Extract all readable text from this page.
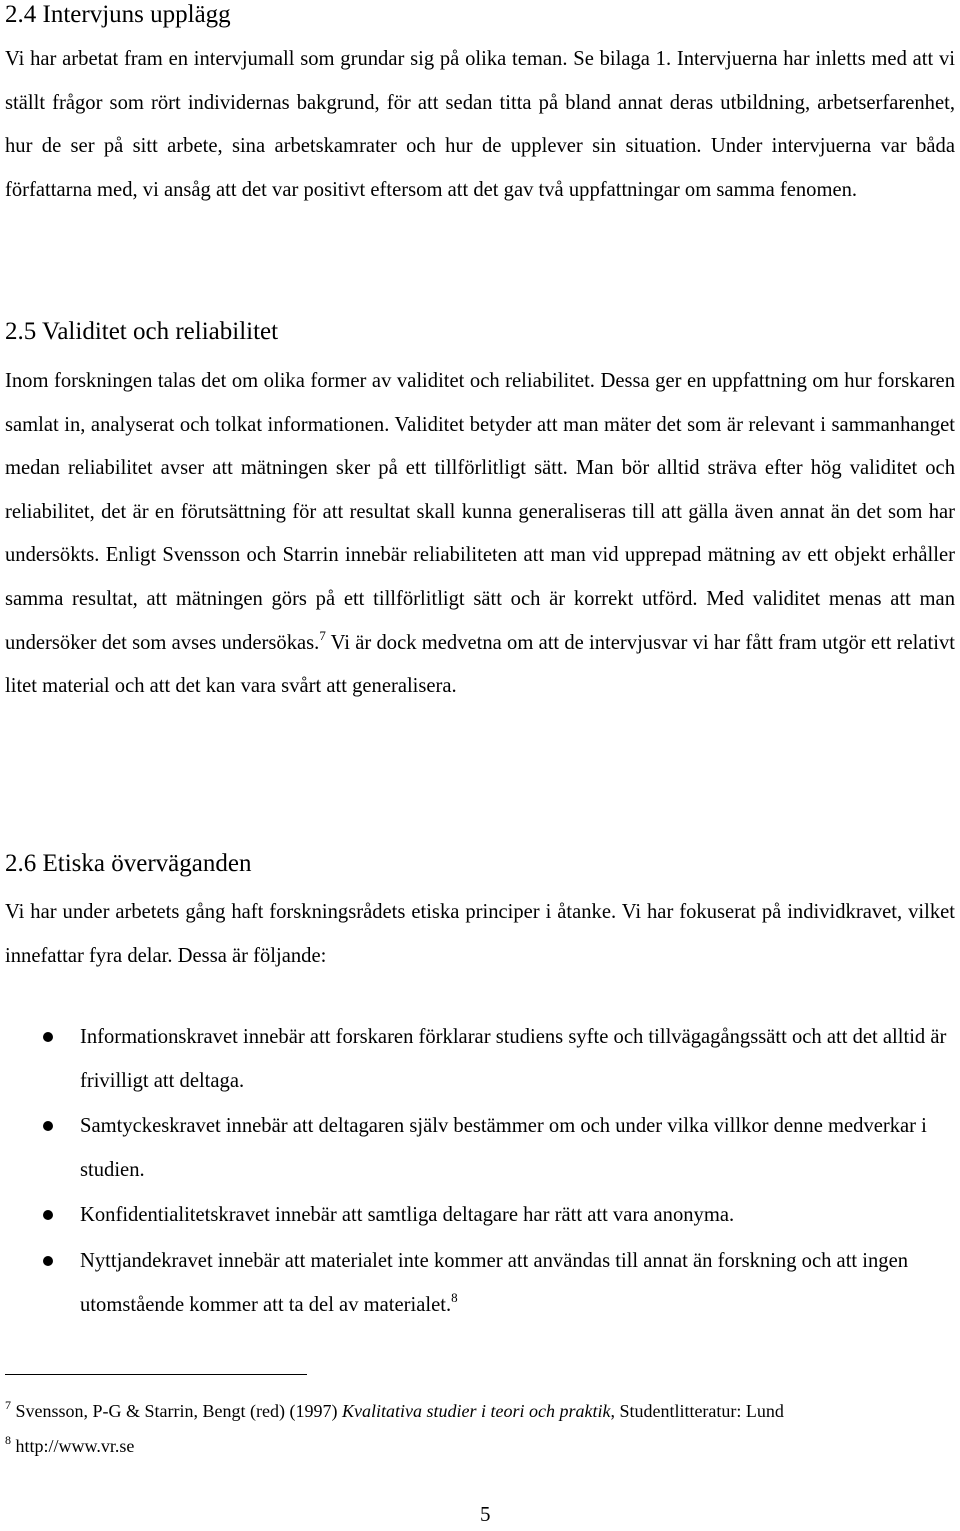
2.4 Intervjuns upplägg

Vi har arbetat fram en intervjumall som grundar sig på olika teman. Se bilaga 1. Intervjuerna har inletts med att vi ställt frågor som rört individernas bakgrund, för att sedan titta på bland annat deras utbildning, arbetserfarenhet, hur de ser på sitt arbete, sina arbetskamrater och hur de upplever sin situation. Under intervjuerna var båda författarna med, vi ansåg att det var positivt eftersom att det gav två uppfattningar om samma fenomen.

2.5 Validitet och reliabilitet

Inom forskningen talas det om olika former av validitet och reliabilitet. Dessa ger en uppfattning om hur forskaren samlat in, analyserat och tolkat informationen. Validitet betyder att man mäter det som är relevant i sammanhanget medan reliabilitet avser att mätningen sker på ett tillförlitligt sätt. Man bör alltid sträva efter hög validitet och reliabilitet, det är en förutsättning för att resultat skall kunna generaliseras till att gälla även annat än det som har undersökts. Enligt Svensson och Starrin innebär reliabiliteten att man vid upprepad mätning av ett objekt erhåller samma resultat, att mätningen görs på ett tillförlitligt sätt och är korrekt utförd. Med validitet menas att man undersöker det som avses undersökas.$^7$ Vi är dock medvetna om att de intervjusvar vi har fått fram utgör ett relativt litet material och att det kan vara svårt att generalisera.

2.6 Etiska överväganden

Vi har under arbetets gång haft forskningsrådets etiska principer i åtanke. Vi har fokuserat på individkravet, vilket innefattar fyra delar. Dessa är följande:

Informationskravet innebär att forskaren förklarar studiens syfte och tillvägagångssätt och att det alltid är frivilligt att deltaga.
Samtyckeskravet innebär att deltagaren själv bestämmer om och under vilka villkor denne medverkar i studien.
Konfidentialitetskravet innebär att samtliga deltagare har rätt att vara anonyma.
Nyttjandekravet innebär att materialet inte kommer att användas till annat än forskning och att ingen utomstående kommer att ta del av materialet.$^8$
$^7$ Svensson, P-G & Starrin, Bengt (red) (1997) Kvalitativa studier i teori och praktik, Studentlitteratur: Lund
$^8$ http://www.vr.se
5
